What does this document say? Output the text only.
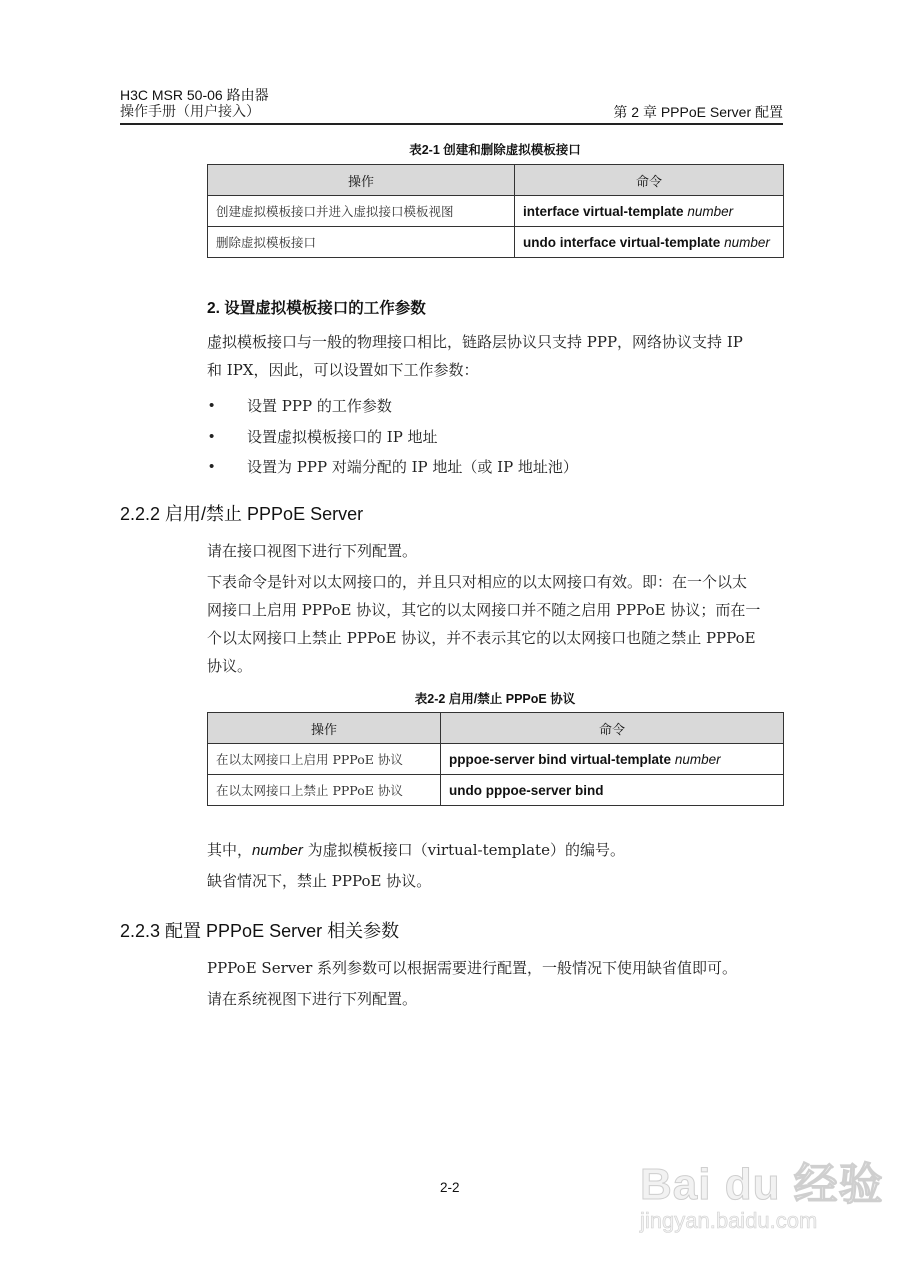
H3C MSR 50-06 路由器
操作手册（用户接入）	第 2 章 PPPoE Server 配置
表2-1 创建和删除虚拟模板接口
操作	命令
创建虚拟模板接口并进入虚拟接口模板视图	interface virtual-template number
删除虚拟模板接口	undo interface virtual-template number
2. 设置虚拟模板接口的工作参数
虚拟模板接口与一般的物理接口相比，链路层协议只支持 PPP，网络协议支持 IP
和 IPX，因此，可以设置如下工作参数：
• 设置 PPP 的工作参数
• 设置虚拟模板接口的 IP 地址
• 设置为 PPP 对端分配的 IP 地址（或 IP 地址池）
2.2.2 启用/禁止 PPPoE Server
请在接口视图下进行下列配置。
下表命令是针对以太网接口的，并且只对相应的以太网接口有效。即：在一个以太
网接口上启用 PPPoE 协议，其它的以太网接口并不随之启用 PPPoE 协议；而在一
个以太网接口上禁止 PPPoE 协议，并不表示其它的以太网接口也随之禁止 PPPoE
协议。
表2-2 启用/禁止 PPPoE 协议
操作	命令
在以太网接口上启用 PPPoE 协议	pppoe-server bind virtual-template number
在以太网接口上禁止 PPPoE 协议	undo pppoe-server bind
其中，number 为虚拟模板接口（virtual-template）的编号。
缺省情况下，禁止 PPPoE 协议。
2.2.3 配置 PPPoE Server 相关参数
PPPoE Server 系列参数可以根据需要进行配置，一般情况下使用缺省值即可。
请在系统视图下进行下列配置。
2-2	Bai du 经验
jingyan.baidu.com
